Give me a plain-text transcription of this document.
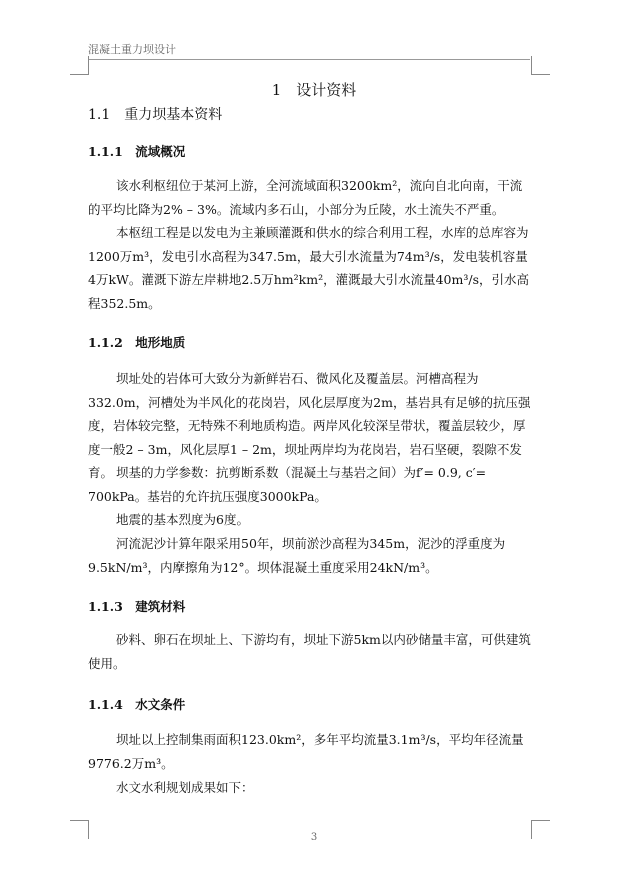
混凝土重力坝设计
1　设计资料
1.1　重力坝基本资料
1.1.1　流域概况

该水利枢纽位于某河上游，全河流域面积3200km²，流向自北向南，干流的平均比降为2% – 3%。流域内多石山，小部分为丘陵，水土流失不严重。

本枢纽工程是以发电为主兼顾灌溉和供水的综合利用工程，水库的总库容为1200万m³，发电引水高程为347.5m，最大引水流量为74m³/s，发电装机容量4万kW。灌溉下游左岸耕地2.5万hm²km²，灌溉最大引水流量40m³/s，引水高程352.5m。

1.1.2　地形地质

坝址处的岩体可大致分为新鲜岩石、微风化及覆盖层。河槽高程为332.0m，河槽处为半风化的花岗岩，风化层厚度为2m，基岩具有足够的抗压强度，岩体较完整，无特殊不利地质构造。两岸风化较深呈带状，覆盖层较少，厚度一般2 – 3m，风化层厚1 – 2m，坝址两岸均为花岗岩，岩石坚硬，裂隙不发育。 坝基的力学参数：抗剪断系数（混凝土与基岩之间）为f′= 0.9, c′= 700kPa。基岩的允许抗压强度3000kPa。

地震的基本烈度为6度。

河流泥沙计算年限采用50年，坝前淤沙高程为345m，泥沙的浮重度为9.5kN/m³，内摩擦角为12°。坝体混凝土重度采用24kN/m³。

1.1.3　建筑材料

砂料、卵石在坝址上、下游均有，坝址下游5km以内砂储量丰富，可供建筑使用。

1.1.4　水文条件

坝址以上控制集雨面积123.0km²，多年平均流量3.1m³/s，平均年径流量9776.2万m³。

水文水利规划成果如下：

3
